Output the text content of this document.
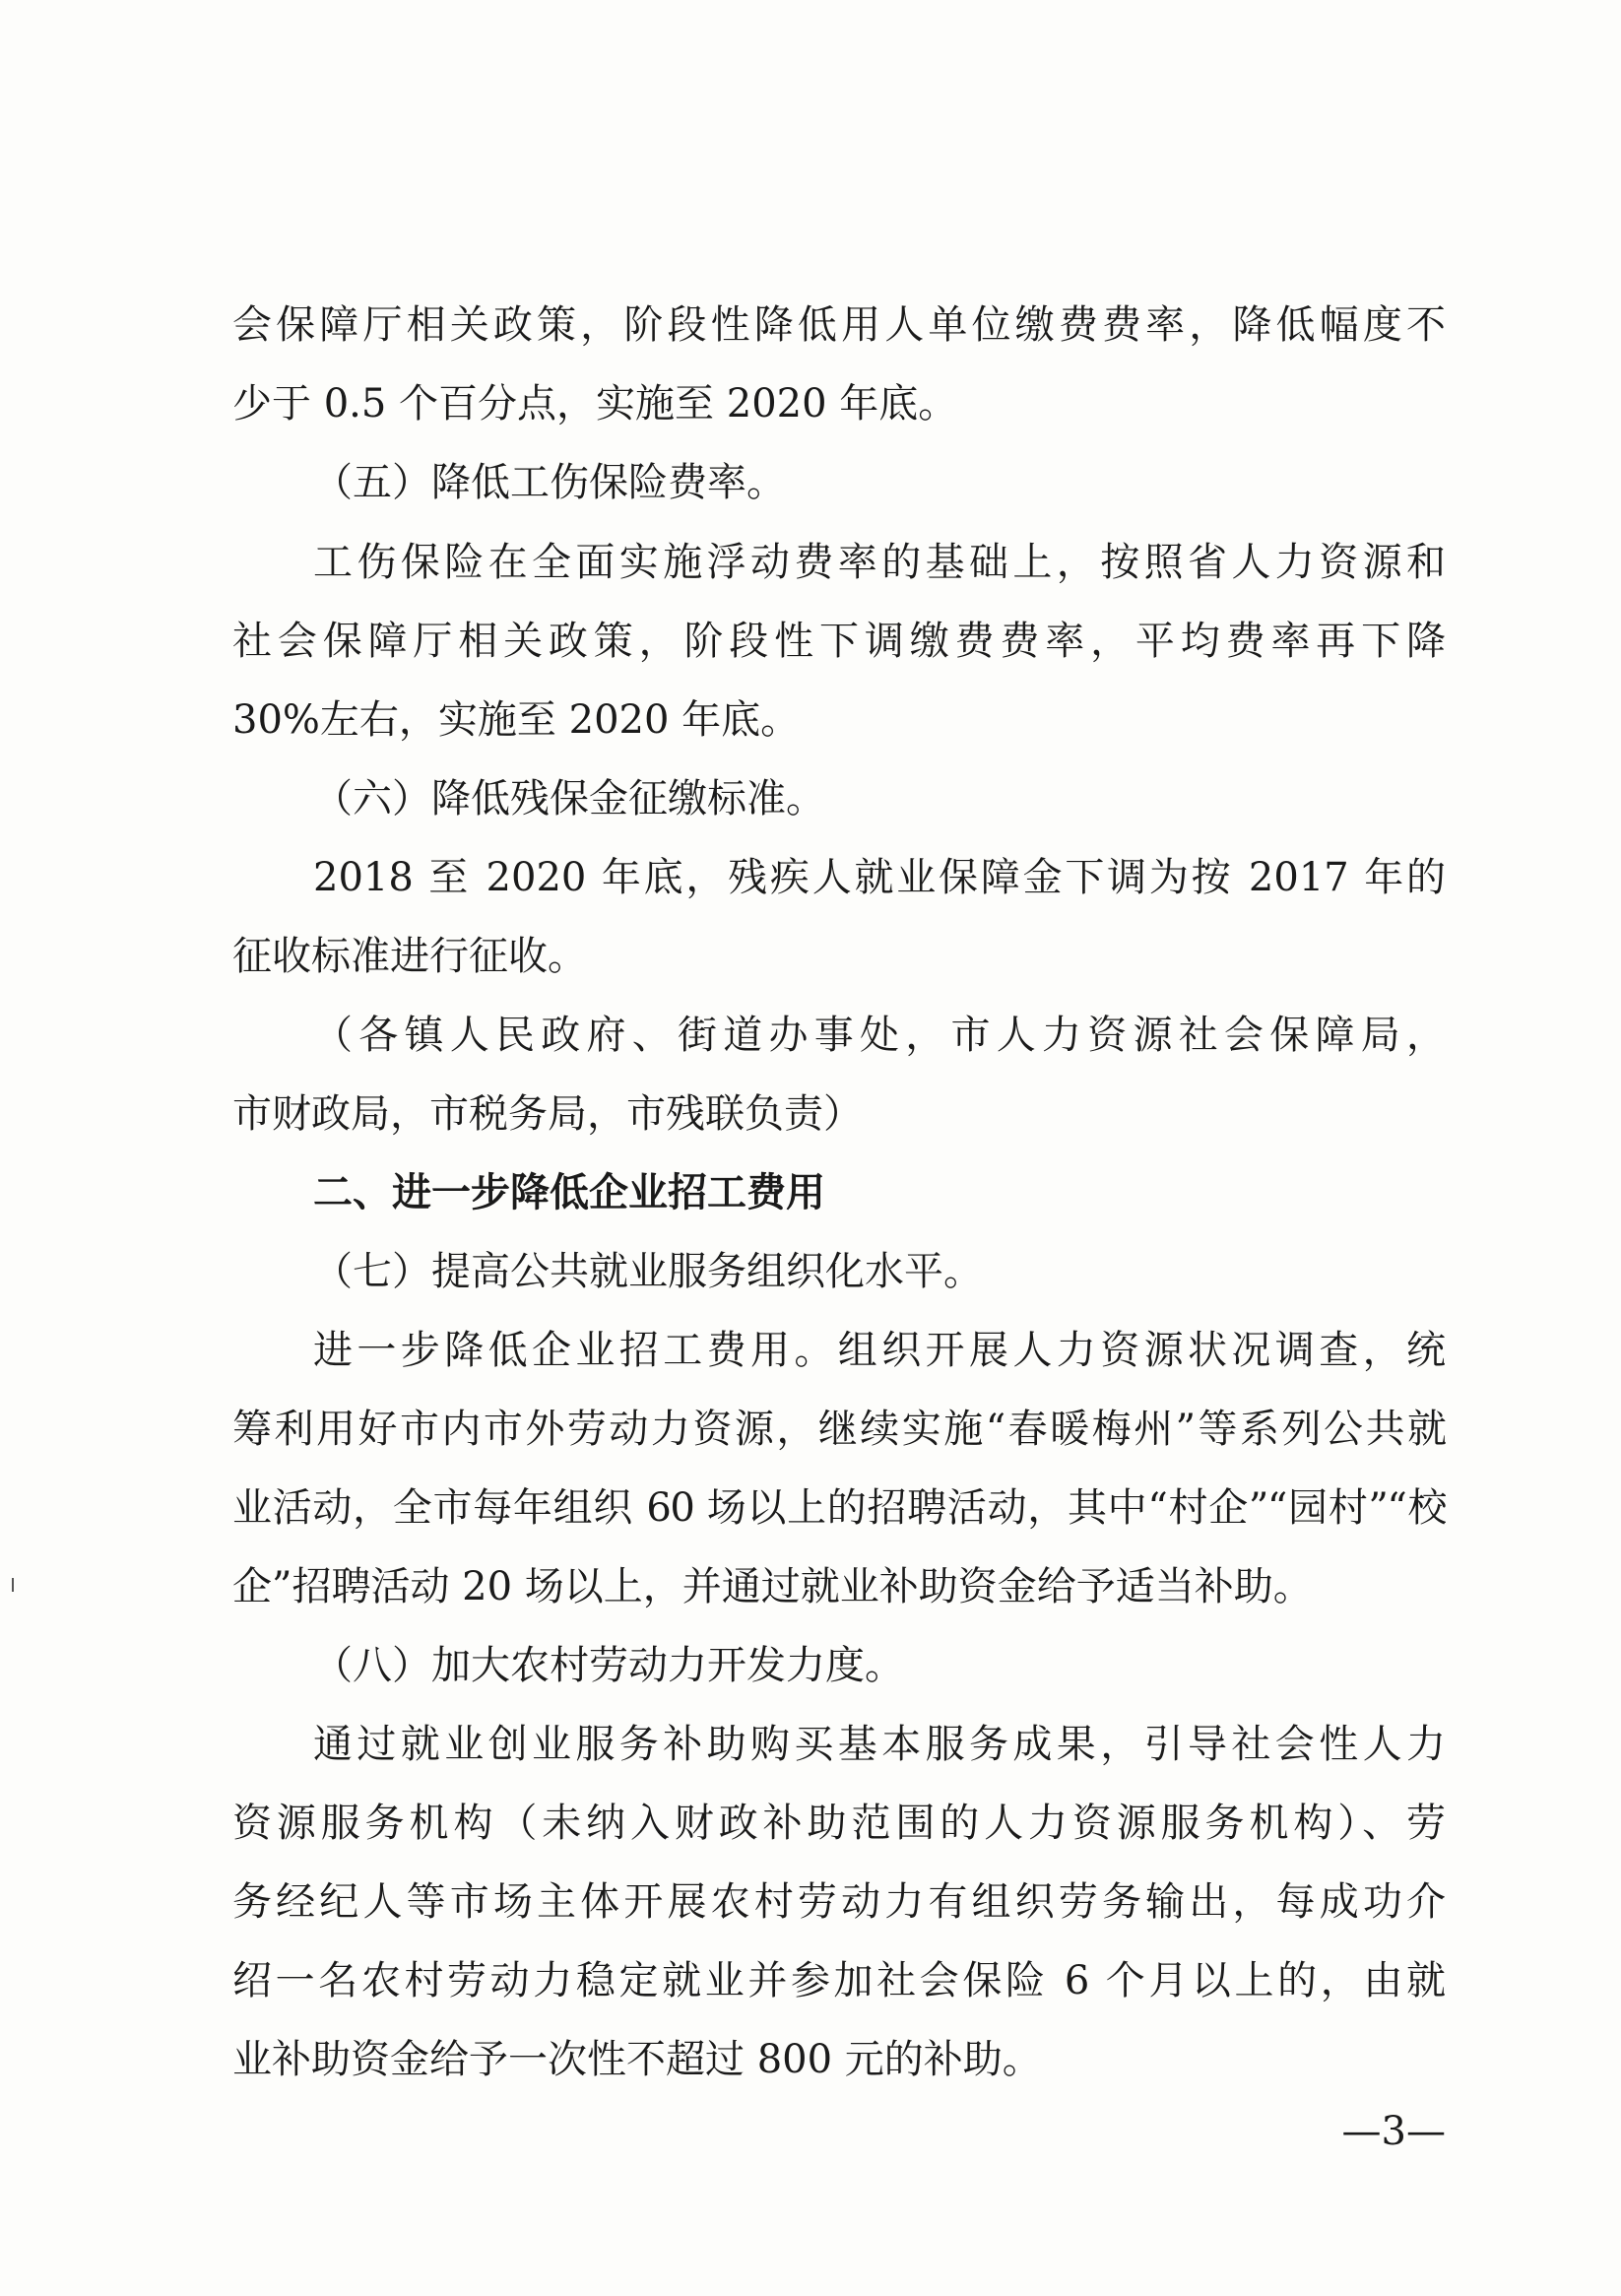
会保障厅相关政策，阶段性降低用人单位缴费费率，降低幅度不
少于 0.5 个百分点，实施至 2020 年底。
（五）降低工伤保险费率。
工伤保险在全面实施浮动费率的基础上，按照省人力资源和
社会保障厅相关政策，阶段性下调缴费费率，平均费率再下降
30%左右，实施至 2020 年底。
（六）降低残保金征缴标准。
2018 至 2020 年底，残疾人就业保障金下调为按 2017 年的
征收标准进行征收。
（各镇人民政府、街道办事处，市人力资源社会保障局，
市财政局，市税务局，市残联负责）
二、进一步降低企业招工费用
（七）提高公共就业服务组织化水平。
进一步降低企业招工费用。组织开展人力资源状况调查，统
筹利用好市内市外劳动力资源，继续实施“春暖梅州”等系列公共就
业活动，全市每年组织 60 场以上的招聘活动，其中“村企”“园村”“校
企”招聘活动 20 场以上，并通过就业补助资金给予适当补助。
（八）加大农村劳动力开发力度。
通过就业创业服务补助购买基本服务成果，引导社会性人力
资源服务机构（未纳入财政补助范围的人力资源服务机构）、劳
务经纪人等市场主体开展农村劳动力有组织劳务输出，每成功介
绍一名农村劳动力稳定就业并参加社会保险 6 个月以上的，由就
业补助资金给予一次性不超过 800 元的补助。
—3—
